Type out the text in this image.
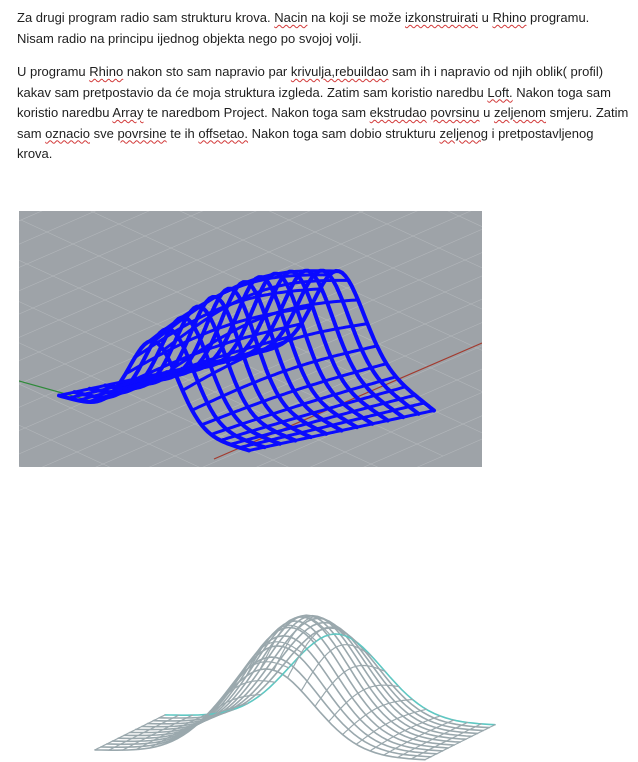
Za drugi program radio sam strukturu krova. Nacin na koji se može izkonstruirati u Rhino programu. Nisam radio na principu ijednog objekta nego po svojoj volji.

U programu Rhino nakon sto sam napravio par krivulja,rebuildao sam ih i napravio od njih oblik( profil) kakav sam pretpostavio da će moja struktura izgleda. Zatim sam koristio naredbu Loft. Nakon toga sam koristio naredbu Array te naredbom Project. Nakon toga sam ekstrudao povrsinu u zeljenom smjeru. Zatim sam oznacio sve povrsine te ih offsetao. Nakon toga sam dobio strukturu zeljenog i pretpostavljenog krova.
